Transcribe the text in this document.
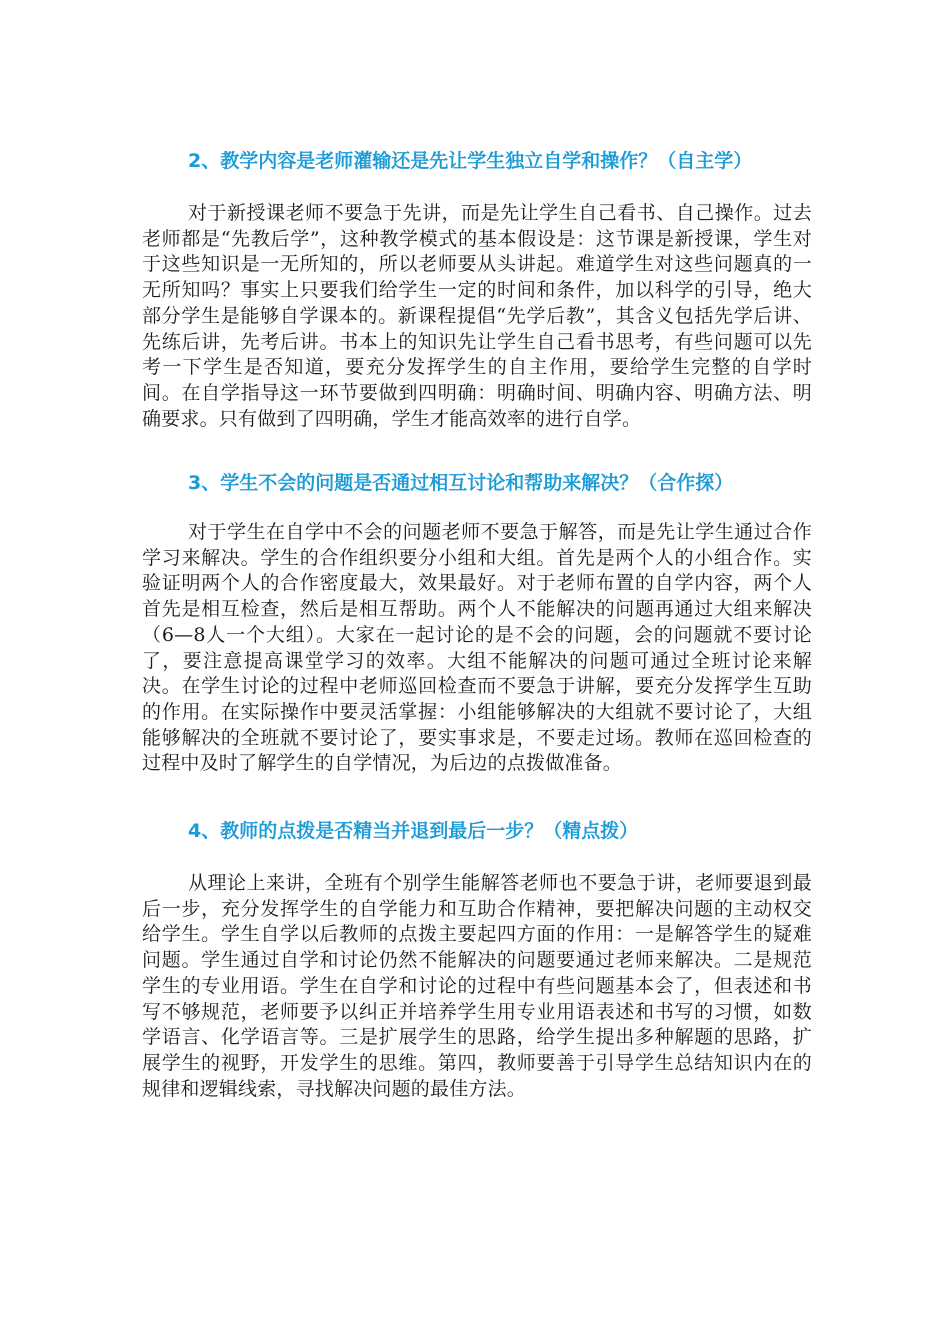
2、教学内容是老师灌输还是先让学生独立自学和操作？（自主学）

对于新授课老师不要急于先讲，而是先让学生自己看书、自己操作。过去老师都是“先教后学”，这种教学模式的基本假设是：这节课是新授课，学生对于这些知识是一无所知的，所以老师要从头讲起。难道学生对这些问题真的一无所知吗？事实上只要我们给学生一定的时间和条件，加以科学的引导，绝大部分学生是能够自学课本的。新课程提倡“先学后教”，其含义包括先学后讲、先练后讲，先考后讲。书本上的知识先让学生自己看书思考，有些问题可以先考一下学生是否知道，要充分发挥学生的自主作用，要给学生完整的自学时间。在自学指导这一环节要做到四明确：明确时间、明确内容、明确方法、明确要求。只有做到了四明确，学生才能高效率的进行自学。

3、学生不会的问题是否通过相互讨论和帮助来解决？（合作探）

对于学生在自学中不会的问题老师不要急于解答，而是先让学生通过合作学习来解决。学生的合作组织要分小组和大组。首先是两个人的小组合作。实验证明两个人的合作密度最大，效果最好。对于老师布置的自学内容，两个人首先是相互检查，然后是相互帮助。两个人不能解决的问题再通过大组来解决（6—8人一个大组）。大家在一起讨论的是不会的问题，会的问题就不要讨论了，要注意提高课堂学习的效率。大组不能解决的问题可通过全班讨论来解决。在学生讨论的过程中老师巡回检查而不要急于讲解，要充分发挥学生互助的作用。在实际操作中要灵活掌握：小组能够解决的大组就不要讨论了，大组能够解决的全班就不要讨论了，要实事求是，不要走过场。教师在巡回检查的过程中及时了解学生的自学情况，为后边的点拨做准备。

4、教师的点拨是否精当并退到最后一步？（精点拨）

从理论上来讲，全班有个别学生能解答老师也不要急于讲，老师要退到最后一步，充分发挥学生的自学能力和互助合作精神，要把解决问题的主动权交给学生。学生自学以后教师的点拨主要起四方面的作用：一是解答学生的疑难问题。学生通过自学和讨论仍然不能解决的问题要通过老师来解决。二是规范学生的专业用语。学生在自学和讨论的过程中有些问题基本会了，但表述和书写不够规范，老师要予以纠正并培养学生用专业用语表述和书写的习惯，如数学语言、化学语言等。三是扩展学生的思路，给学生提出多种解题的思路，扩展学生的视野，开发学生的思维。第四，教师要善于引导学生总结知识内在的规律和逻辑线索，寻找解决问题的最佳方法。
